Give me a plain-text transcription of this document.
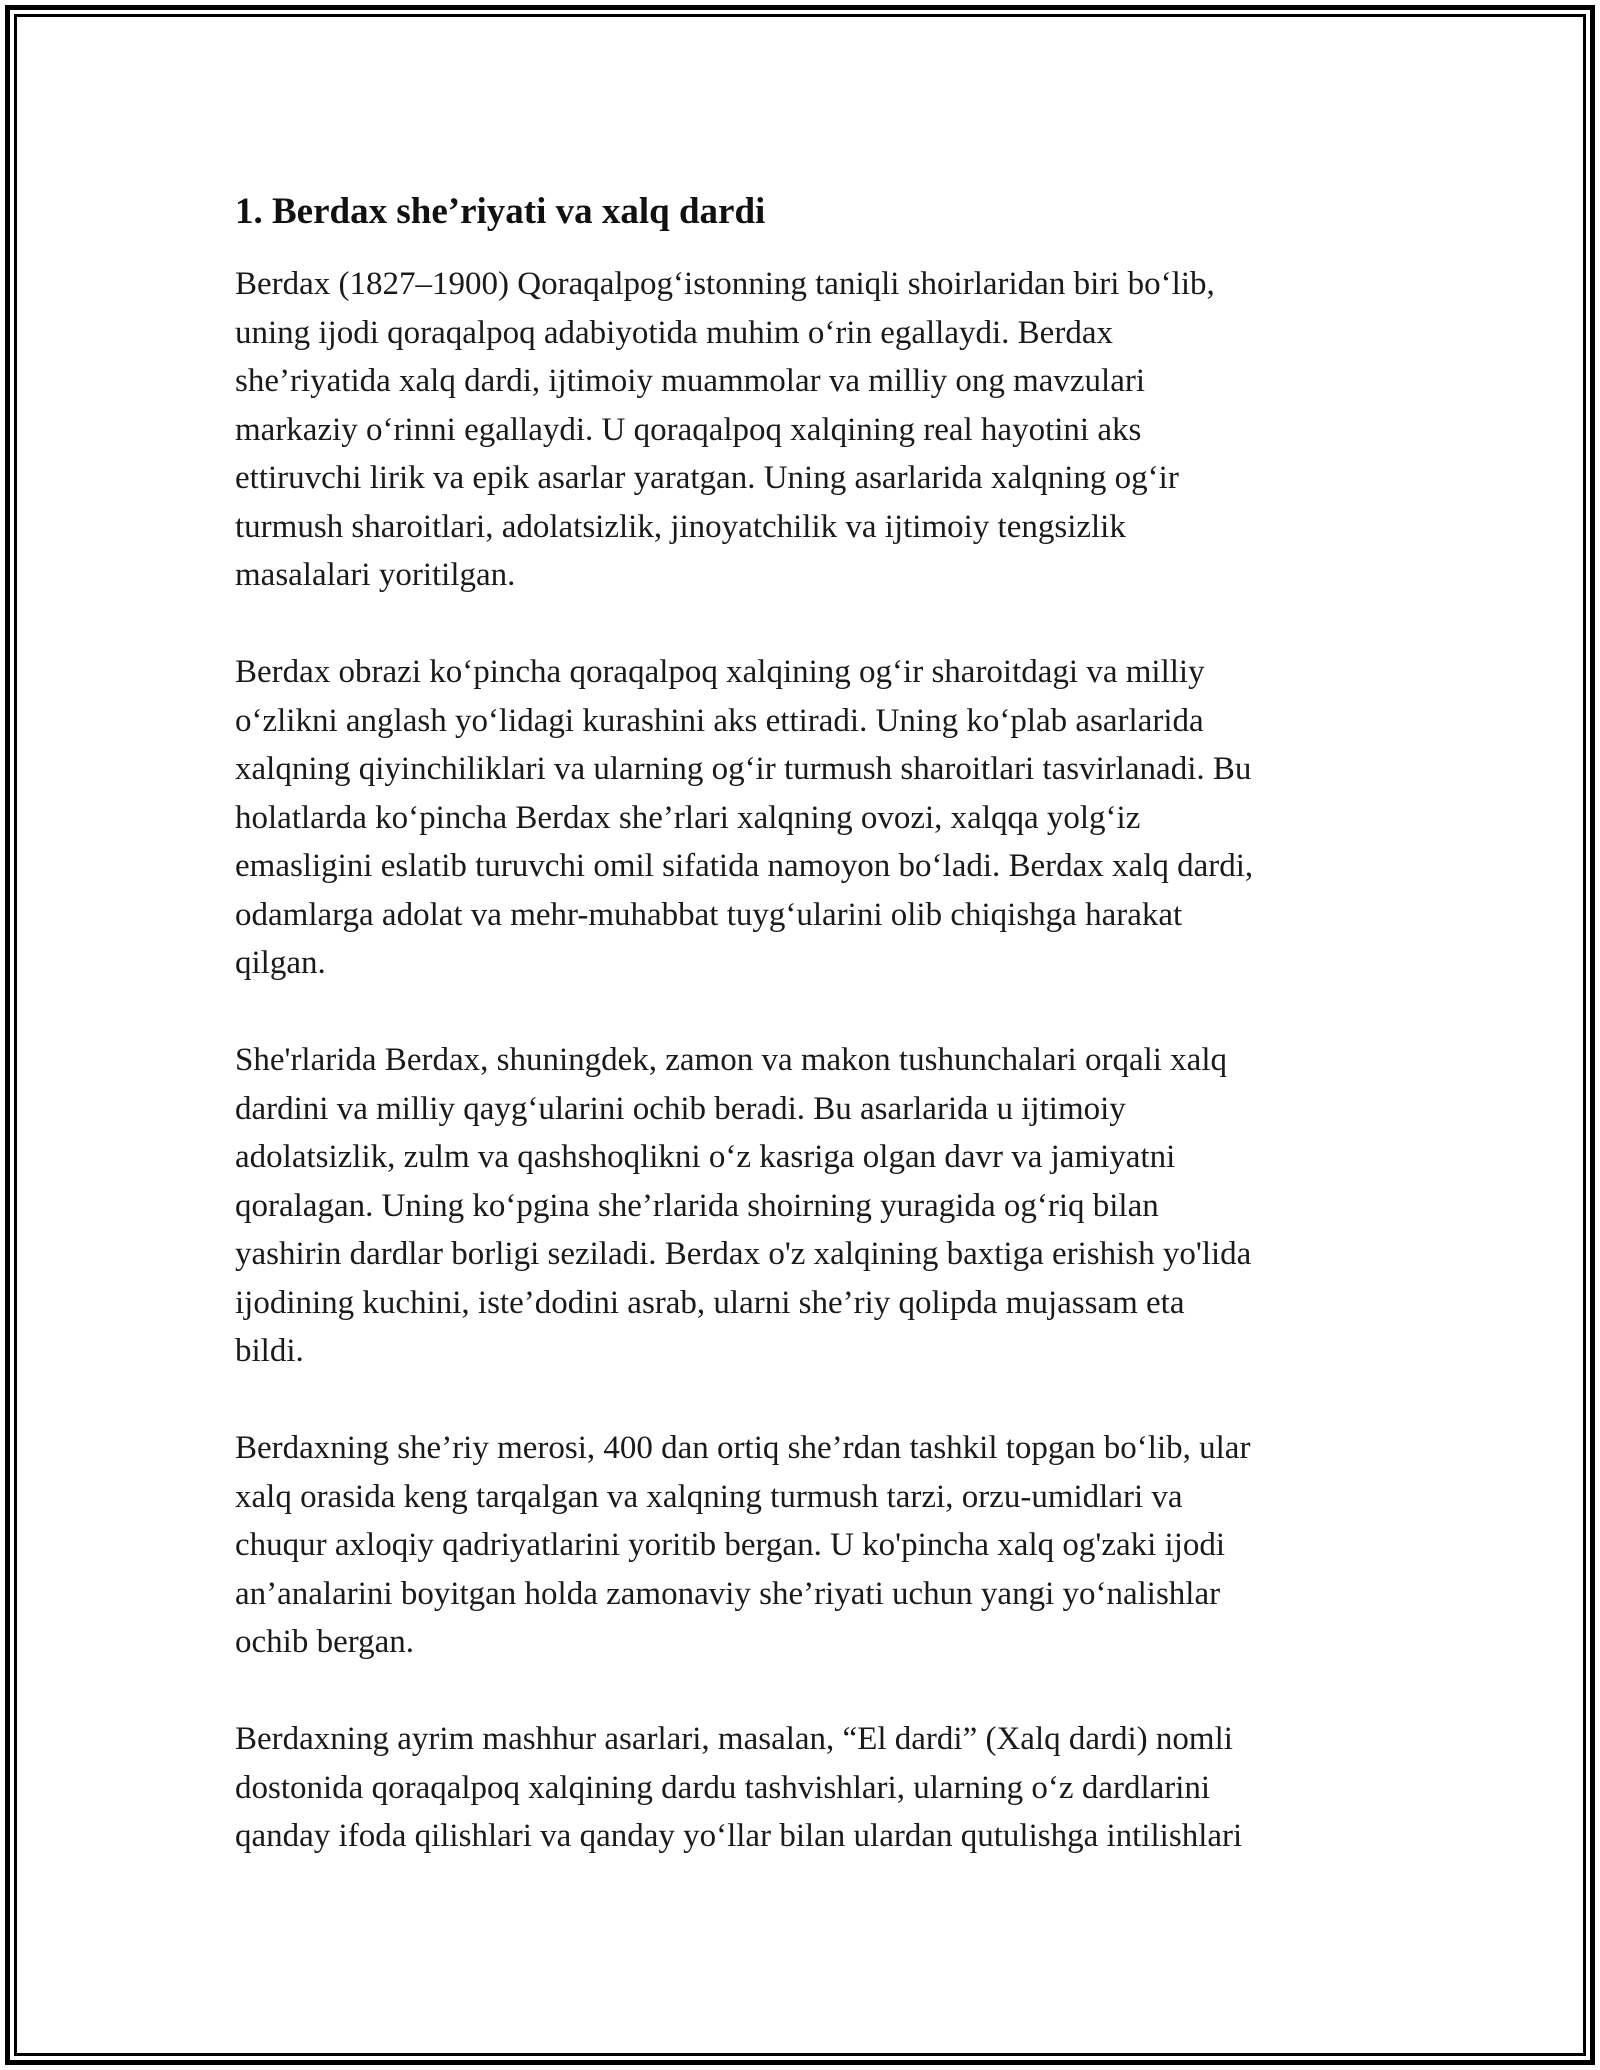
1. Berdax she’riyati va xalq dardi

Berdax (1827–1900) Qoraqalpog‘istonning taniqli shoirlaridan biri bo‘lib,
uning ijodi qoraqalpoq adabiyotida muhim o‘rin egallaydi. Berdax
she’riyatida xalq dardi, ijtimoiy muammolar va milliy ong mavzulari
markaziy o‘rinni egallaydi. U qoraqalpoq xalqining real hayotini aks
ettiruvchi lirik va epik asarlar yaratgan. Uning asarlarida xalqning og‘ir
turmush sharoitlari, adolatsizlik, jinoyatchilik va ijtimoiy tengsizlik
masalalari yoritilgan.

Berdax obrazi ko‘pincha qoraqalpoq xalqining og‘ir sharoitdagi va milliy
o‘zlikni anglash yo‘lidagi kurashini aks ettiradi. Uning ko‘plab asarlarida
xalqning qiyinchiliklari va ularning og‘ir turmush sharoitlari tasvirlanadi. Bu
holatlarda ko‘pincha Berdax she’rlari xalqning ovozi, xalqqa yolg‘iz
emasligini eslatib turuvchi omil sifatida namoyon bo‘ladi. Berdax xalq dardi,
odamlarga adolat va mehr-muhabbat tuyg‘ularini olib chiqishga harakat
qilgan.

She'rlarida Berdax, shuningdek, zamon va makon tushunchalari orqali xalq
dardini va milliy qayg‘ularini ochib beradi. Bu asarlarida u ijtimoiy
adolatsizlik, zulm va qashshoqlikni o‘z kasriga olgan davr va jamiyatni
qoralagan. Uning ko‘pgina she’rlarida shoirning yuragida og‘riq bilan
yashirin dardlar borligi seziladi. Berdax o'z xalqining baxtiga erishish yo'lida
ijodining kuchini, iste’dodini asrab, ularni she’riy qolipda mujassam eta
bildi.

Berdaxning she’riy merosi, 400 dan ortiq she’rdan tashkil topgan bo‘lib, ular
xalq orasida keng tarqalgan va xalqning turmush tarzi, orzu-umidlari va
chuqur axloqiy qadriyatlarini yoritib bergan. U ko'pincha xalq og'zaki ijodi
an’analarini boyitgan holda zamonaviy she’riyati uchun yangi yo‘nalishlar
ochib bergan.

Berdaxning ayrim mashhur asarlari, masalan, “El dardi” (Xalq dardi) nomli
dostonida qoraqalpoq xalqining dardu tashvishlari, ularning o‘z dardlarini
qanday ifoda qilishlari va qanday yo‘llar bilan ulardan qutulishga intilishlari
